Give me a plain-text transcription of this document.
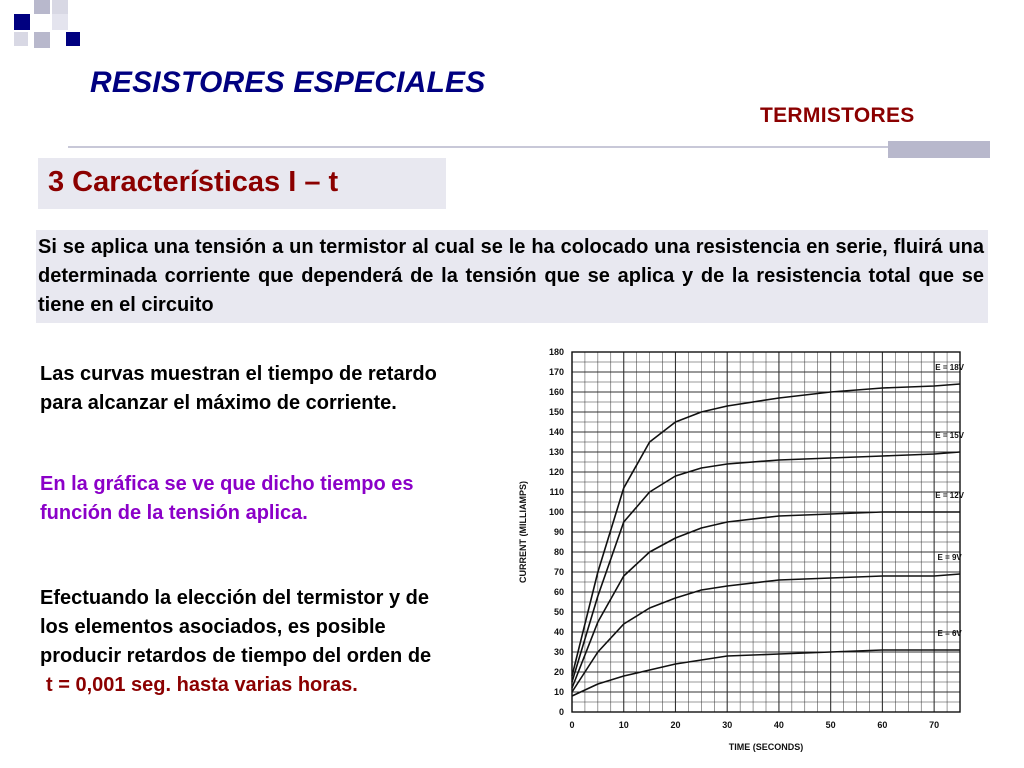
RESISTORES ESPECIALES
TERMISTORES
3 Características I – t
Si se aplica una tensión a un termistor al cual se le ha colocado una resistencia en serie, fluirá una determinada corriente que dependerá de la tensión que se aplica y de la resistencia total que se tiene en el circuito
Las curvas muestran el tiempo de retardo para alcanzar el máximo de corriente.
En la gráfica se ve que dicho tiempo es función de la tensión aplica.
Efectuando la elección del termistor y de los elementos asociados, es posible producir retardos de tiempo del orden de
t = 0,001 seg. hasta varias horas.
0
10
20
30
40
50
60
70
80
90
100
110
120
130
140
150
160
170
180
0	10	20	30	40	50	60	70
TIME (SECONDS)
CURRENT (MILLIAMPS)
E = 18V
E = 15V
E = 12V
E = 9V
E = 6V
